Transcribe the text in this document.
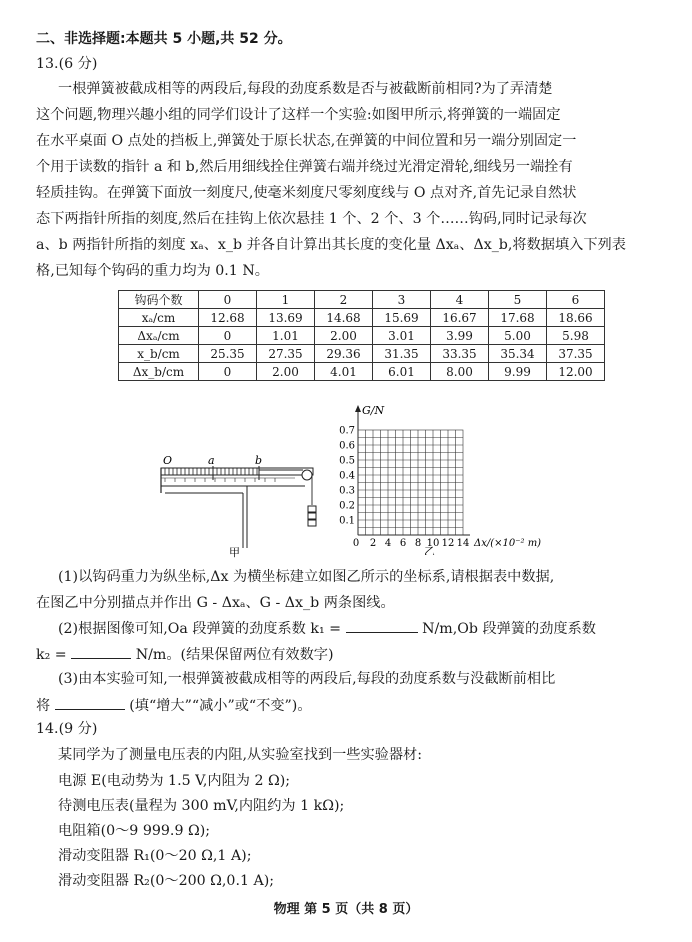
二、非选择题:本题共 5 小题,共 52 分。
13.(6 分)
一根弹簧被截成相等的两段后,每段的劲度系数是否与被截断前相同?为了弄清楚
这个问题,物理兴趣小组的同学们设计了这样一个实验:如图甲所示,将弹簧的一端固定
在水平桌面 O 点处的挡板上,弹簧处于原长状态,在弹簧的中间位置和另一端分别固定一
个用于读数的指针 a 和 b,然后用细线拴住弹簧右端并绕过光滑定滑轮,细线另一端拴有
轻质挂钩。在弹簧下面放一刻度尺,使毫米刻度尺零刻度线与 O 点对齐,首先记录自然状
态下两指针所指的刻度,然后在挂钩上依次悬挂 1 个、2 个、3 个……钩码,同时记录每次
a、b 两指针所指的刻度 xₐ、x_b 并各自计算出其长度的变化量 Δxₐ、Δx_b,将数据填入下列表
格,已知每个钩码的重力均为 0.1 N。
钩码个数	0	1	2	3	4	5	6
xₐ/cm	12.68	13.69	14.68	15.69	16.67	17.68	18.66
Δxₐ/cm	0	1.01	2.00	3.01	3.99	5.00	5.98
x_b/cm	25.35	27.35	29.36	31.35	33.35	35.34	37.35
Δx_b/cm	0	2.00	4.01	6.01	8.00	9.99	12.00
O	a	b
甲
G/N
0.7
0.6
0.5
0.4
0.3
0.2
0.1
0 2 4 6 8 10 12 14 Δx/(×10⁻² m)
乙
(1)以钩码重力为纵坐标,Δx 为横坐标建立如图乙所示的坐标系,请根据表中数据,
在图乙中分别描点并作出 G - Δxₐ、G - Δx_b 两条图线。
(2)根据图像可知,Oa 段弹簧的劲度系数 k₁ =	N/m,Ob 段弹簧的劲度系数
k₂ =	N/m。(结果保留两位有效数字)
(3)由本实验可知,一根弹簧被截成相等的两段后,每段的劲度系数与没截断前相比
将	(填“增大”“减小”或“不变”)。
14.(9 分)
某同学为了测量电压表的内阻,从实验室找到一些实验器材:
电源 E(电动势为 1.5 V,内阻为 2 Ω);
待测电压表(量程为 300 mV,内阻约为 1 kΩ);
电阻箱(0～9 999.9 Ω);
滑动变阻器 R₁(0～20 Ω,1 A);
滑动变阻器 R₂(0～200 Ω,0.1 A);
物理 第 5 页（共 8 页）
